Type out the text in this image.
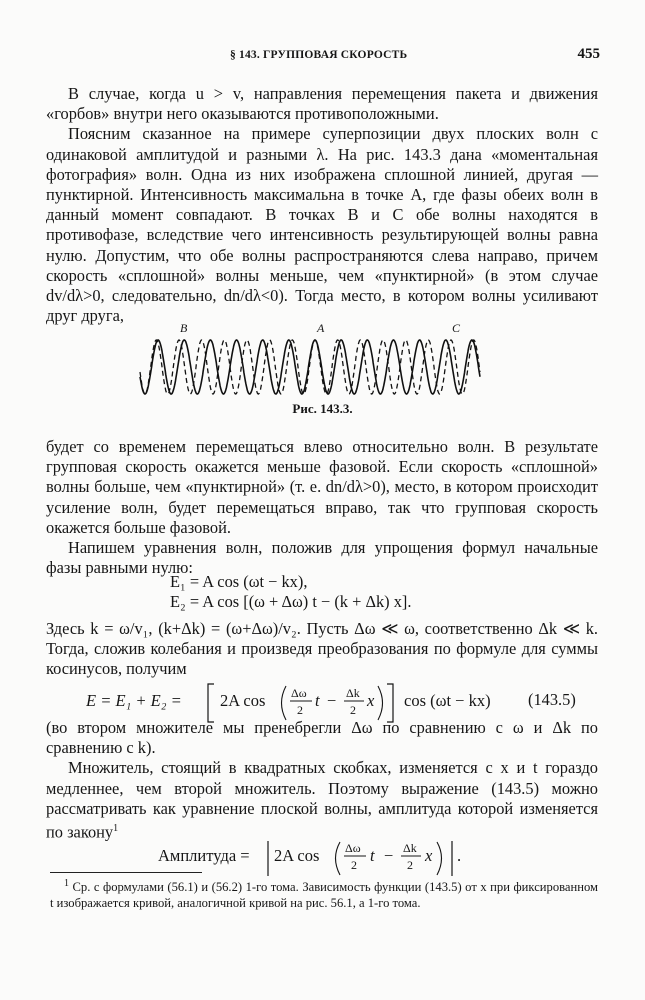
§ 143. ГРУППОВАЯ СКОРОСТЬ	455

В случае, когда u > v, направления перемещения пакета и движения «горбов» внутри него оказываются противоположными.

Поясним сказанное на примере суперпозиции двух плоских волн с одинаковой амплитудой и разными λ. На рис. 143.3 дана «моментальная фотография» волн. Одна из них изображена сплошной линией, другая — пунктирной. Интенсивность максимальна в точке A, где фазы обеих волн в данный момент совпадают. В точках B и C обе волны находятся в противофазе, вследствие чего интенсивность результирующей волны равна нулю. Допустим, что обе волны распространяются слева направо, причем скорость «сплошной» волны меньше, чем «пунктирной» (в этом случае dv/dλ>0, следовательно, dn/dλ<0). Тогда место, в котором волны усиливают друг друга,

B	A	C
Рис. 143.3.

будет со временем перемещаться влево относительно волн. В результате групповая скорость окажется меньше фазовой. Если скорость «сплошной» волны больше, чем «пунктирной» (т. е. dn/dλ>0), место, в котором происходит усиление волн, будет перемещаться вправо, так что групповая скорость окажется больше фазовой.

Напишем уравнения волн, положив для упрощения формул начальные фазы равными нулю:

E₁ = A cos (ωt − kx),
E₂ = A cos [(ω + Δω) t − (k + Δk) x].

Здесь k = ω/v₁, (k+Δk) = (ω+Δω)/v₂. Пусть Δω ≪ ω, соответственно Δk ≪ k. Тогда, сложив колебания и произведя преобразования по формуле для суммы косинусов, получим

E = E₁ + E₂ = 2A cos Δω
2 t − Δk
2 x cos (ωt − kx) (143.5)

(во втором множителе мы пренебрегли Δω по сравнению с ω и Δk по сравнению с k).

Множитель, стоящий в квадратных скобках, изменяется с x и t гораздо медленнее, чем второй множитель. Поэтому выражение (143.5) можно рассматривать как уравнение плоской волны, амплитуда которой изменяется по закону$^1$

Амплитуда = 2A cos Δω
2 t − Δk
2 x .
$^1$ Ср. с формулами (56.1) и (56.2) 1-го тома. Зависимость функции (143.5) от x при фиксированном t изображается кривой, аналогичной кривой на рис. 56.1, а 1-го тома.
